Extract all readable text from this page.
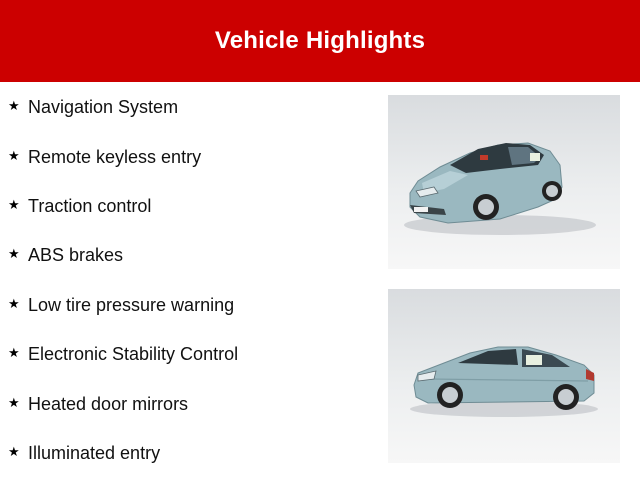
Vehicle Highlights
★ Navigation System
★ Remote keyless entry
★ Traction control
★ ABS brakes
★ Low tire pressure warning
★ Electronic Stability Control
★ Heated door mirrors
★ Illuminated entry
